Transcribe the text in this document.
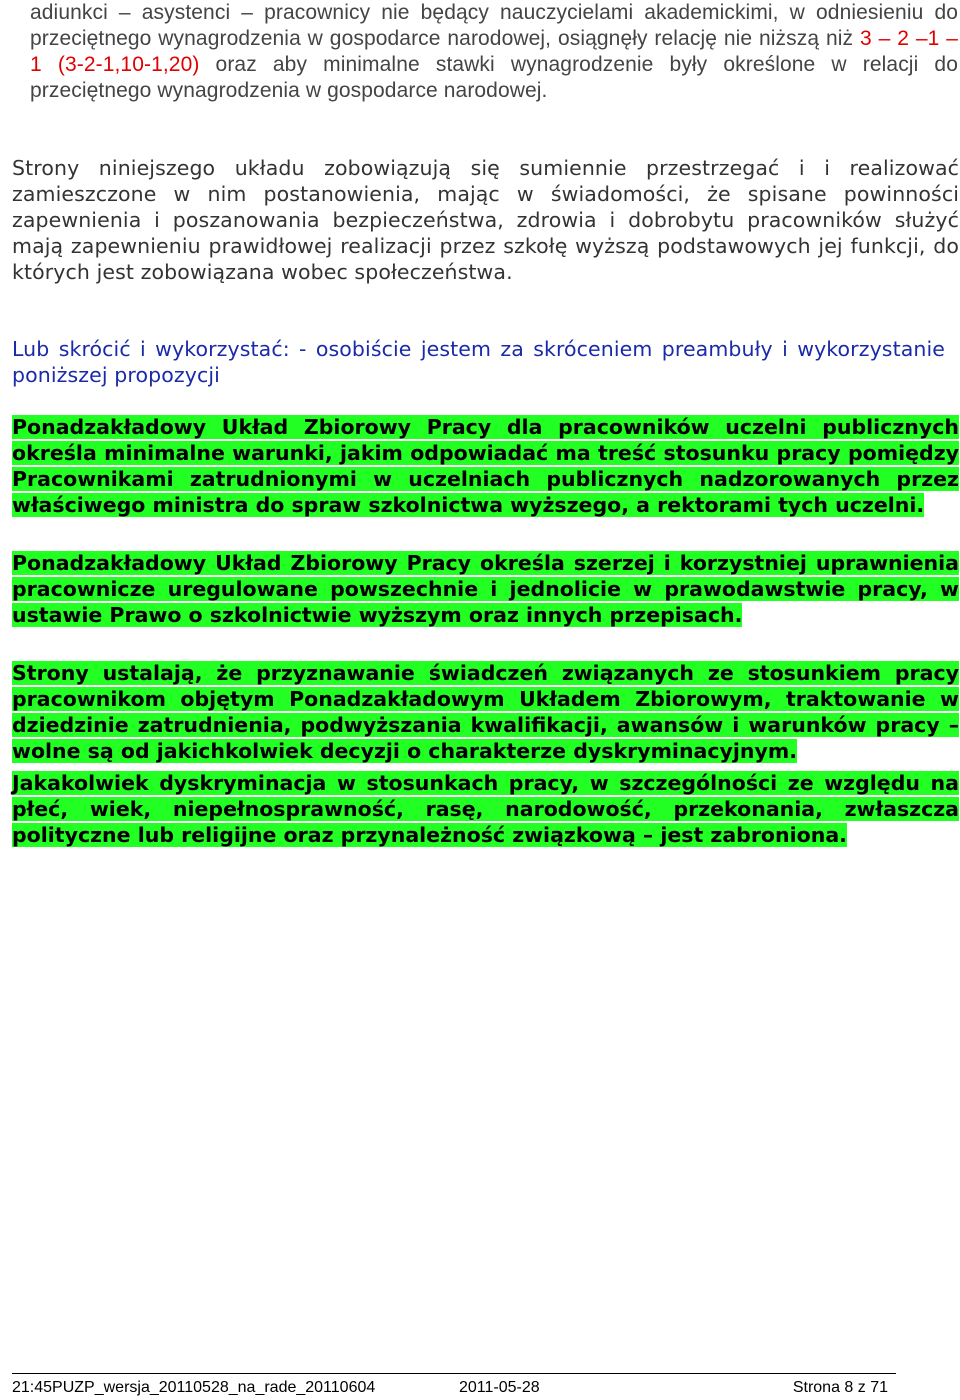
adiunkci – asystenci – pracownicy nie będący nauczycielami akademickimi, w odniesieniu do przeciętnego wynagrodzenia w gospodarce narodowej, osiągnęły relację nie niższą niż 3 – 2 –1 – 1 (3-2-1,10-1,20) oraz aby minimalne stawki wynagrodzenie były określone w relacji do przeciętnego wynagrodzenia w gospodarce narodowej.

Strony niniejszego układu zobowiązują się sumiennie przestrzegać i i realizować zamieszczone w nim postanowienia, mając w świadomości, że spisane powinności zapewnienia i poszanowania bezpieczeństwa, zdrowia i dobrobytu pracowników służyć mają zapewnieniu prawidłowej realizacji przez szkołę wyższą podstawowych jej funkcji, do których jest zobowiązana wobec społeczeństwa.

Lub skrócić i wykorzystać: - osobiście jestem za skróceniem preambuły i wykorzystanie poniższej propozycji

Ponadzakładowy Układ Zbiorowy Pracy dla pracowników uczelni publicznych określa minimalne warunki, jakim odpowiadać ma treść stosunku pracy pomiędzy Pracownikami zatrudnionymi w uczelniach publicznych nadzorowanych przez właściwego ministra do spraw szkolnictwa wyższego, a rektorami tych uczelni.

Ponadzakładowy Układ Zbiorowy Pracy określa szerzej i korzystniej uprawnienia pracownicze uregulowane powszechnie i jednolicie w prawodawstwie pracy, w ustawie Prawo o szkolnictwie wyższym oraz innych przepisach.

Strony ustalają, że przyznawanie świadczeń związanych ze stosunkiem pracy pracownikom objętym Ponadzakładowym Układem Zbiorowym, traktowanie w dziedzinie zatrudnienia, podwyższania kwalifikacji, awansów i warunków pracy – wolne są od jakichkolwiek decyzji o charakterze dyskryminacyjnym.

Jakakolwiek dyskryminacja w stosunkach pracy, w szczególności ze względu na płeć, wiek, niepełnosprawność, rasę, narodowość, przekonania, zwłaszcza polityczne lub religijne oraz przynależność związkową – jest zabroniona.

21:45PUZP_wersja_20110528_na_rade_20110604	2011-05-28	Strona 8 z 71
